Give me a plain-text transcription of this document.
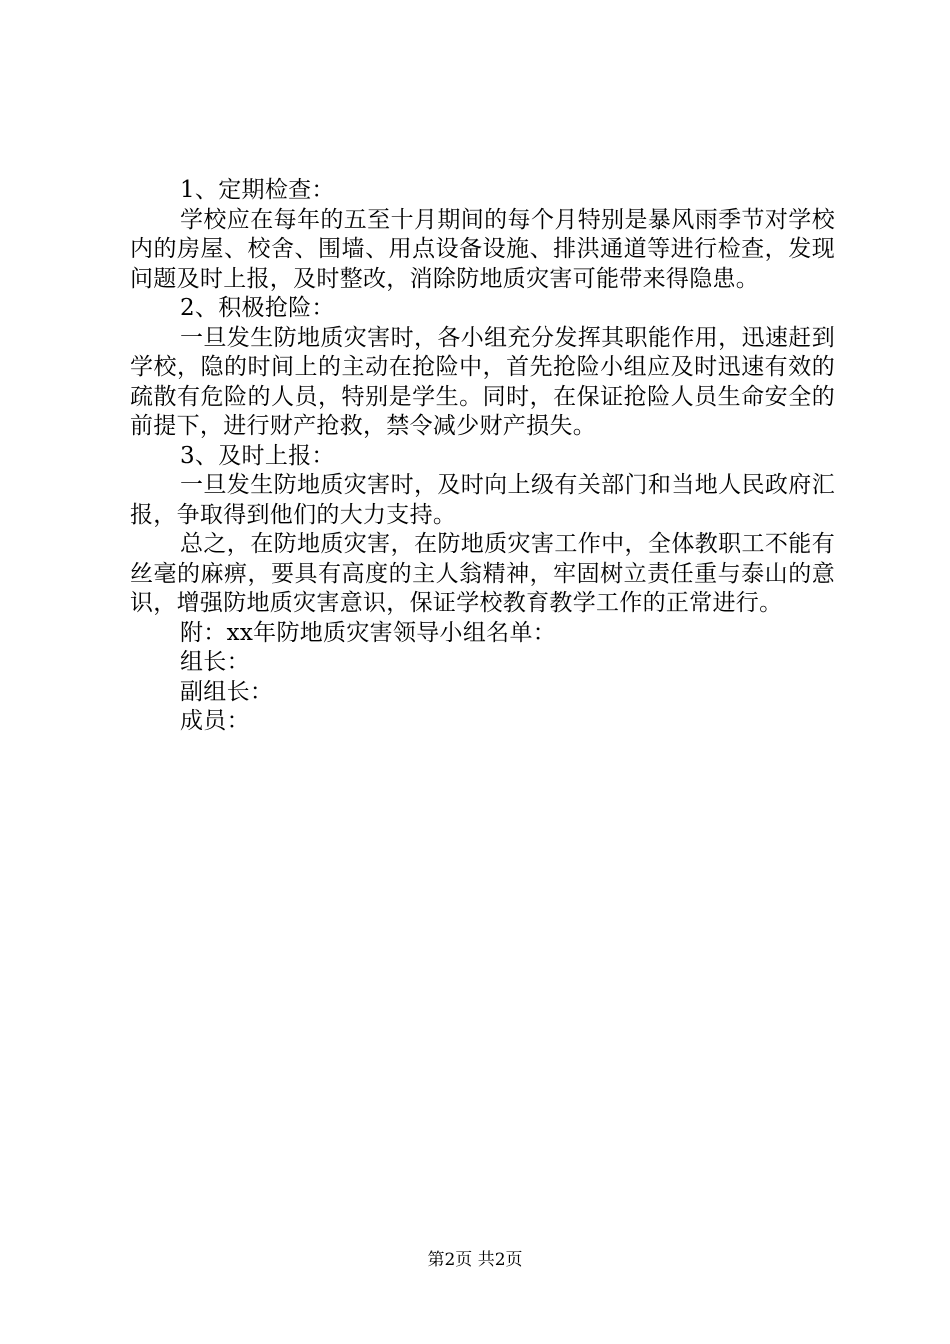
1、定期检查：

学校应在每年的五至十月期间的每个月特别是暴风雨季节对学校内的房屋、校舍、围墙、用点设备设施、排洪通道等进行检查，发现问题及时上报，及时整改，消除防地质灾害可能带来得隐患。

2、积极抢险：

一旦发生防地质灾害时，各小组充分发挥其职能作用，迅速赶到学校，隐的时间上的主动在抢险中，首先抢险小组应及时迅速有效的疏散有危险的人员，特别是学生。同时，在保证抢险人员生命安全的前提下，进行财产抢救，禁令减少财产损失。

3、及时上报：

一旦发生防地质灾害时，及时向上级有关部门和当地人民政府汇报，争取得到他们的大力支持。

总之，在防地质灾害，在防地质灾害工作中，全体教职工不能有丝毫的麻痹，要具有高度的主人翁精神，牢固树立责任重与泰山的意识，增强防地质灾害意识，保证学校教育教学工作的正常进行。

附：xx年防地质灾害领导小组名单：

组长：

副组长：

成员：

第2页 共2页
